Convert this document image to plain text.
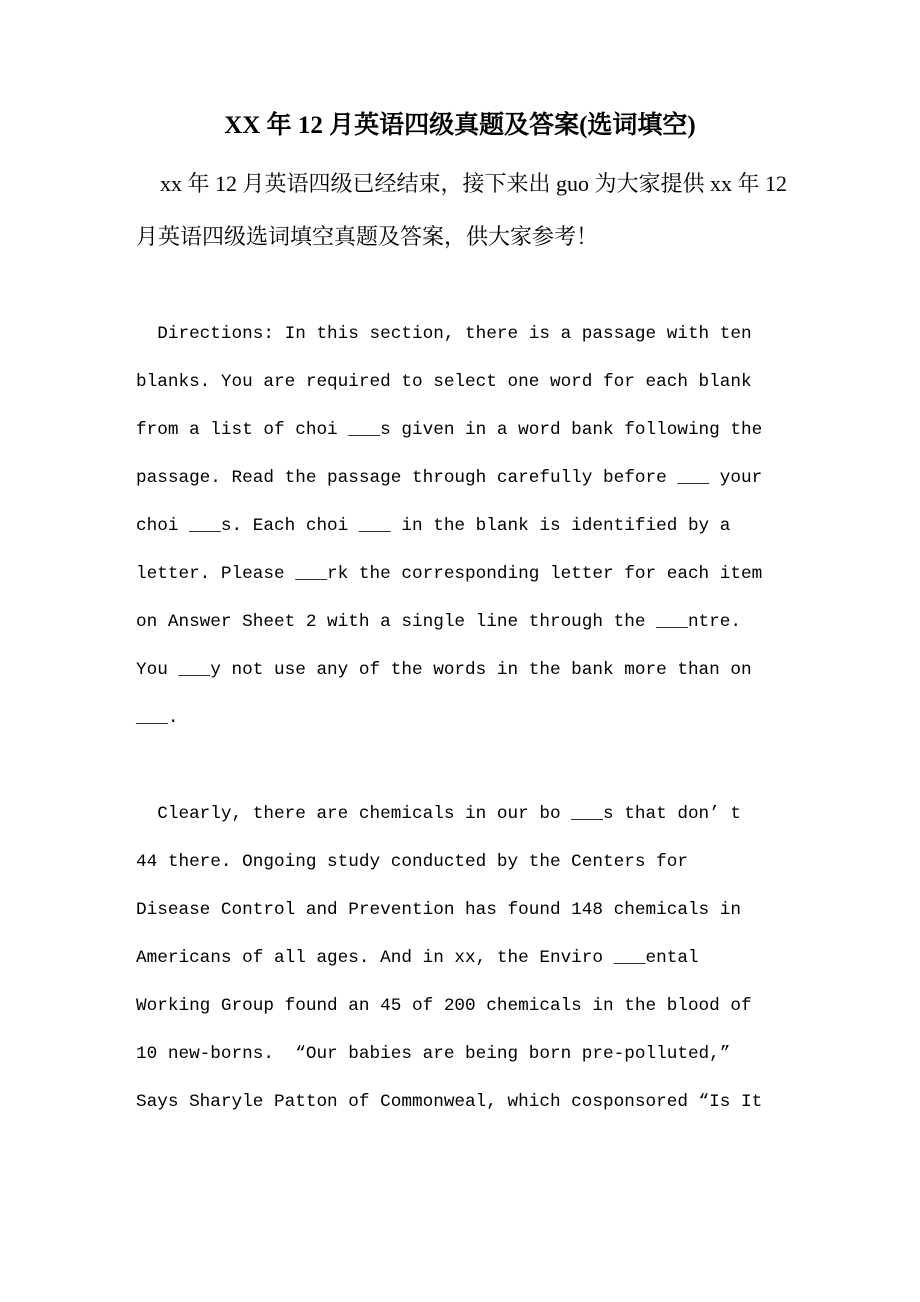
XX 年 12 月英语四级真题及答案(选词填空)
xx 年 12 月英语四级已经结束，接下来出 guo 为大家提供 xx 年 12
月英语四级选词填空真题及答案，供大家参考！
Directions: In this section, there is a passage with ten
blanks. You are required to select one word for each blank
from a list of choi ___s given in a word bank following the
passage. Read the passage through carefully before ___ your
choi ___s. Each choi ___ in the blank is identified by a
letter. Please ___rk the corresponding letter for each item
on Answer Sheet 2 with a single line through the ___ntre.
You ___y not use any of the words in the bank more than on
___.
Clearly, there are chemicals in our bo ___s that don’ t
44 there. Ongoing study conducted by the Centers for
Disease Control and Prevention has found 148 chemicals in
Americans of all ages. And in xx, the Enviro ___ental
Working Group found an 45 of 200 chemicals in the blood of
10 new-borns.  “Our babies are being born pre-polluted,”
Says Sharyle Patton of Commonweal, which cosponsored “Is It
